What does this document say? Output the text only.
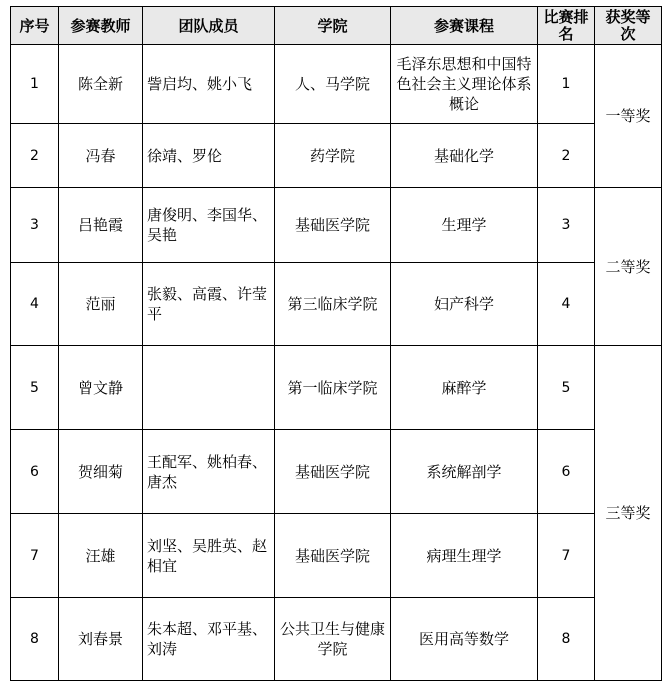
序号	参赛教师	团队成员	学院	参赛课程	比赛排名	获奖等次
1	陈全新	訾启均、姚小飞	人、马学院	毛泽东思想和中国特色社会主义理论体系概论	1	一等奖
2	冯春	徐靖、罗伦	药学院	基础化学	2	
3	吕艳霞	唐俊明、李国华、吴艳	基础医学院	生理学	3	二等奖
4	范丽	张毅、高霞、许莹平	第三临床学院	妇产科学	4	
5	曾文静		第一临床学院	麻醉学	5	三等奖
6	贺细菊	王配军、姚柏春、唐杰	基础医学院	系统解剖学	6	
7	汪雄	刘坚、吴胜英、赵相宜	基础医学院	病理生理学	7	
8	刘春景	朱本超、邓平基、刘涛	公共卫生与健康学院	医用高等数学	8	
